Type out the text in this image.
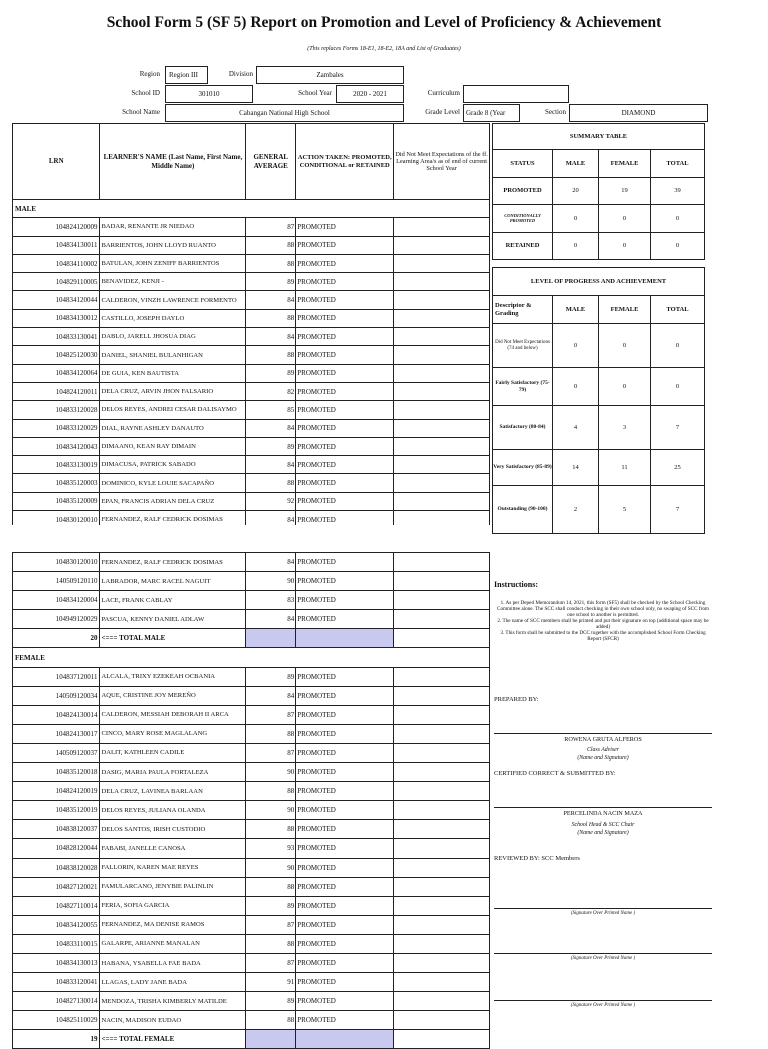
School Form 5 (SF 5) Report on Promotion and Level of Proficiency & Achievement
(This replaces Forms 18-E1, 18-E2, 18A and List of Graduates)
Region	Region III	Division	Zambales
School ID	301010	School Year	2020 - 2021	Curriculum
School Name	Cabangan National High School	Grade Level Grade 8 (Year	Section	DIAMOND
LRN	LEARNER'S NAME (Last Name, First Name, Middle Name)	GENERAL AVERAGE	ACTION TAKEN: PROMOTED, CONDITIONAL or RETAINED	Did Not Meet Expectations of the ff. Learning Area/s as of end of current School Year
MALE				
104824120009	BADAR, RENANTE JR NIEDAO	87	PROMOTED	
104834130011	BARRIENTOS, JOHN LLOYD RUANTO	88	PROMOTED	
104834110002	BATULAN, JOHN ZENIFF BARRIENTOS	88	PROMOTED	
104829110005	BENAVIDEZ, KENJI -	89	PROMOTED	
104834120044	CALDERON, VINZH LAWRENCE FORMENTO	84	PROMOTED	
104834130012	CASTILLO, JOSEPH DAYLO	88	PROMOTED	
104833130041	DABLO, JARELL JHOSUA DIAG	84	PROMOTED	
104825120030	DANIEL, SHANIEL BULANHIGAN	88	PROMOTED	
104834120064	DE GUIA, KEN BAUTISTA	89	PROMOTED	
104824120011	DELA CRUZ, ARVIN JHON FALSARIO	82	PROMOTED	
104833120028	DELOS REYES, ANDREI CESAR DALISAYMO	85	PROMOTED	
104833120029	DIAL, RAYNE ASHLEY DANAUTO	84	PROMOTED	
104834120043	DIMAANO, KEAN RAY DIMAIN	89	PROMOTED	
104833130019	DIMACUSA, PATRICK SABADO	84	PROMOTED	
104835120003	DOMINICO, KYLE LOUIE SACAPAÑO	88	PROMOTED	
104835120009	EPAN, FRANCIS ADRIAN DELA CRUZ	92	PROMOTED	
104830120010	FERNANDEZ, RALF CEDRICK DOSIMAS	84	PROMOTED	
104830120010	FERNANDEZ, RALF CEDRICK DOSIMAS	84	PROMOTED	
140509120110	LABRADOR, MARC RACEL NAGUIT	90	PROMOTED	
104834120004	LACE, FRANK CABLAY	83	PROMOTED	
104949120029	PASCUA, KENNY DANIEL ADLAW	84	PROMOTED	
20	<=== TOTAL MALE			
FEMALE				
104837120011	ALCALA, TRIXY EZEKEAH OCBANIA	89	PROMOTED	
140509120034	AQUE, CRISTINE JOY MEREÑO	84	PROMOTED	
104824130014	CALDERON, MESSIAH DEBORAH II ARCA	87	PROMOTED	
104824130017	CINCO, MARY ROSE MAGLALANG	88	PROMOTED	
140509120037	DALIT, KATHLEEN CADILE	87	PROMOTED	
104835120018	DASIG, MARIA PAULA FORTALEZA	90	PROMOTED	
104824120019	DELA CRUZ, LAVINEA BARLAAN	88	PROMOTED	
104835120019	DELOS REYES, JULIANA OLANDA	90	PROMOTED	
104838120037	DELOS SANTOS, IRISH CUSTODIO	88	PROMOTED	
104828120044	FABABI, JANELLE CANOSA	93	PROMOTED	
104838120028	FALLORIN, KAREN MAE REYES	90	PROMOTED	
104827120021	FAMULARCANO, JENYBIE PALINLIN	88	PROMOTED	
104827110014	FERIA, SOFIA GARCIA	89	PROMOTED	
104834120055	FERNANDEZ, MA DENISE RAMOS	87	PROMOTED	
104833110015	GALARPE, ARIANNE MANALAN	88	PROMOTED	
104834130013	HABANA, YSABELLA FAE BADA	87	PROMOTED	
104833120041	LLAGAS, LADY JANE BADA	91	PROMOTED	
104827130014	MENDOZA, TRISHA KIMBERLY MATILDE	89	PROMOTED	
104825110029	NACIN, MADISON EUDAO	88	PROMOTED	
19	<=== TOTAL FEMALE			
SUMMARY TABLE			
STATUS	MALE	FEMALE	TOTAL
PROMOTED	20	19	39
CONDITIONALLY PROMOTED	0	0	0
RETAINED	0	0	0

LEVEL OF PROGRESS AND ACHIEVEMENT			
Descriptor & Grading	MALE	FEMALE	TOTAL
Did Not Meet Expectations (74 and below)	0	0	0
Fairly Satisfactory (75-79)	0	0	0
Satisfactory (80-84)	4	3	7
Very Satisfactory (85-89)	14	11	25
Outstanding (90-100)	2	5	7
Instructions:
1. As per Deped Memorandum 14, 2021, this form (SF5) shall be checked by the School Checking Committee alone. The SCC shall conduct checking in their own school only, no swaping of SCC from one school to another is permitted.
2. The name of SCC members shall be printed and put their signature on top (additional space may be added)
3. This form shall be submitted to the DCC together with the accomplished School Form Checking Report (SFCR)
PREPARED BY:
ROWENA GRUTA ALFEROS
Class Adviser
(Name and Signature)
CERTIFIED CORRECT & SUBMITTED BY:
PERCELINDA NACIN MAZA
School Head & SCC Chair
(Name and Signature)
REVIEWED BY: SCC Members
(Signature Over Printed Name )
(Signature Over Printed Name )
(Signature Over Printed Name )
